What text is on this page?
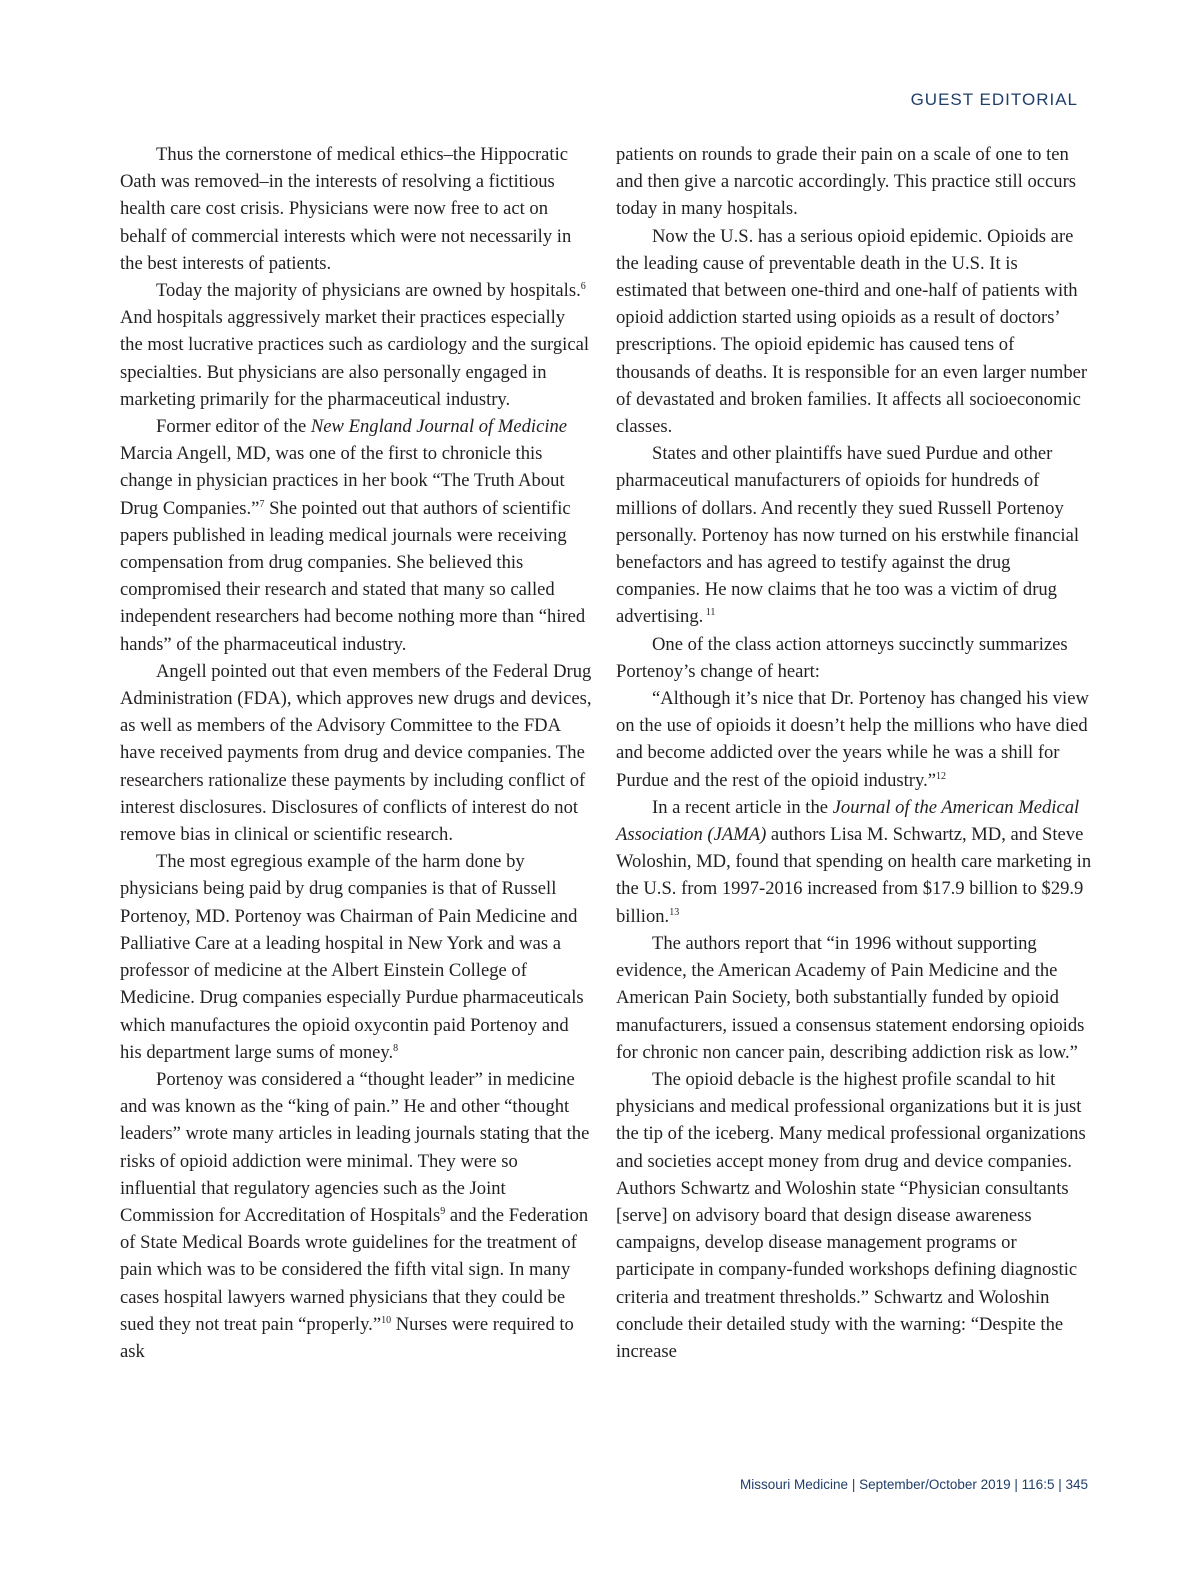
GUEST EDITORIAL

Thus the cornerstone of medical ethics–the Hippocratic Oath was removed–in the interests of resolving a fictitious health care cost crisis. Physicians were now free to act on behalf of commercial interests which were not necessarily in the best interests of patients.

Today the majority of physicians are owned by hospitals.$^6$ And hospitals aggressively market their practices especially the most lucrative practices such as cardiology and the surgical specialties. But physicians are also personally engaged in marketing primarily for the pharmaceutical industry.

Former editor of the New England Journal of Medicine Marcia Angell, MD, was one of the first to chronicle this change in physician practices in her book “The Truth About Drug Companies.”$^7$ She pointed out that authors of scientific papers published in leading medical journals were receiving compensation from drug companies. She believed this compromised their research and stated that many so called independent researchers had become nothing more than “hired hands” of the pharmaceutical industry.

Angell pointed out that even members of the Federal Drug Administration (FDA), which approves new drugs and devices, as well as members of the Advisory Committee to the FDA have received payments from drug and device companies. The researchers rationalize these payments by including conflict of interest disclosures. Disclosures of conflicts of interest do not remove bias in clinical or scientific research.

The most egregious example of the harm done by physicians being paid by drug companies is that of Russell Portenoy, MD. Portenoy was Chairman of Pain Medicine and Palliative Care at a leading hospital in New York and was a professor of medicine at the Albert Einstein College of Medicine. Drug companies especially Purdue pharmaceuticals which manufactures the opioid oxycontin paid Portenoy and his department large sums of money.$^8$

Portenoy was considered a “thought leader” in medicine and was known as the “king of pain.” He and other “thought leaders” wrote many articles in leading journals stating that the risks of opioid addiction were minimal. They were so influential that regulatory agencies such as the Joint Commission for Accreditation of Hospitals$^9$ and the Federation of State Medical Boards wrote guidelines for the treatment of pain which was to be considered the fifth vital sign. In many cases hospital lawyers warned physicians that they could be sued they not treat pain “properly.”$^{10}$ Nurses were required to ask

patients on rounds to grade their pain on a scale of one to ten and then give a narcotic accordingly. This practice still occurs today in many hospitals.

Now the U.S. has a serious opioid epidemic. Opioids are the leading cause of preventable death in the U.S. It is estimated that between one-third and one-half of patients with opioid addiction started using opioids as a result of doctors’ prescriptions. The opioid epidemic has caused tens of thousands of deaths. It is responsible for an even larger number of devastated and broken families. It affects all socioeconomic classes.

States and other plaintiffs have sued Purdue and other pharmaceutical manufacturers of opioids for hundreds of millions of dollars. And recently they sued Russell Portenoy personally. Portenoy has now turned on his erstwhile financial benefactors and has agreed to testify against the drug companies. He now claims that he too was a victim of drug advertising. $^{11}$

One of the class action attorneys succinctly summarizes Portenoy’s change of heart:

“Although it’s nice that Dr. Portenoy has changed his view on the use of opioids it doesn’t help the millions who have died and become addicted over the years while he was a shill for Purdue and the rest of the opioid industry.”$^{12}$

In a recent article in the Journal of the American Medical Association (JAMA) authors Lisa M. Schwartz, MD, and Steve Woloshin, MD, found that spending on health care marketing in the U.S. from 1997-2016 increased from $17.9 billion to $29.9 billion.$^{13}$

The authors report that “in 1996 without supporting evidence, the American Academy of Pain Medicine and the American Pain Society, both substantially funded by opioid manufacturers, issued a consensus statement endorsing opioids for chronic non cancer pain, describing addiction risk as low.”

The opioid debacle is the highest profile scandal to hit physicians and medical professional organizations but it is just the tip of the iceberg. Many medical professional organizations and societies accept money from drug and device companies. Authors Schwartz and Woloshin state “Physician consultants [serve] on advisory board that design disease awareness campaigns, develop disease management programs or participate in company-funded workshops defining diagnostic criteria and treatment thresholds.” Schwartz and Woloshin conclude their detailed study with the warning: “Despite the increase

Missouri Medicine | September/October 2019 | 116:5 | 345
